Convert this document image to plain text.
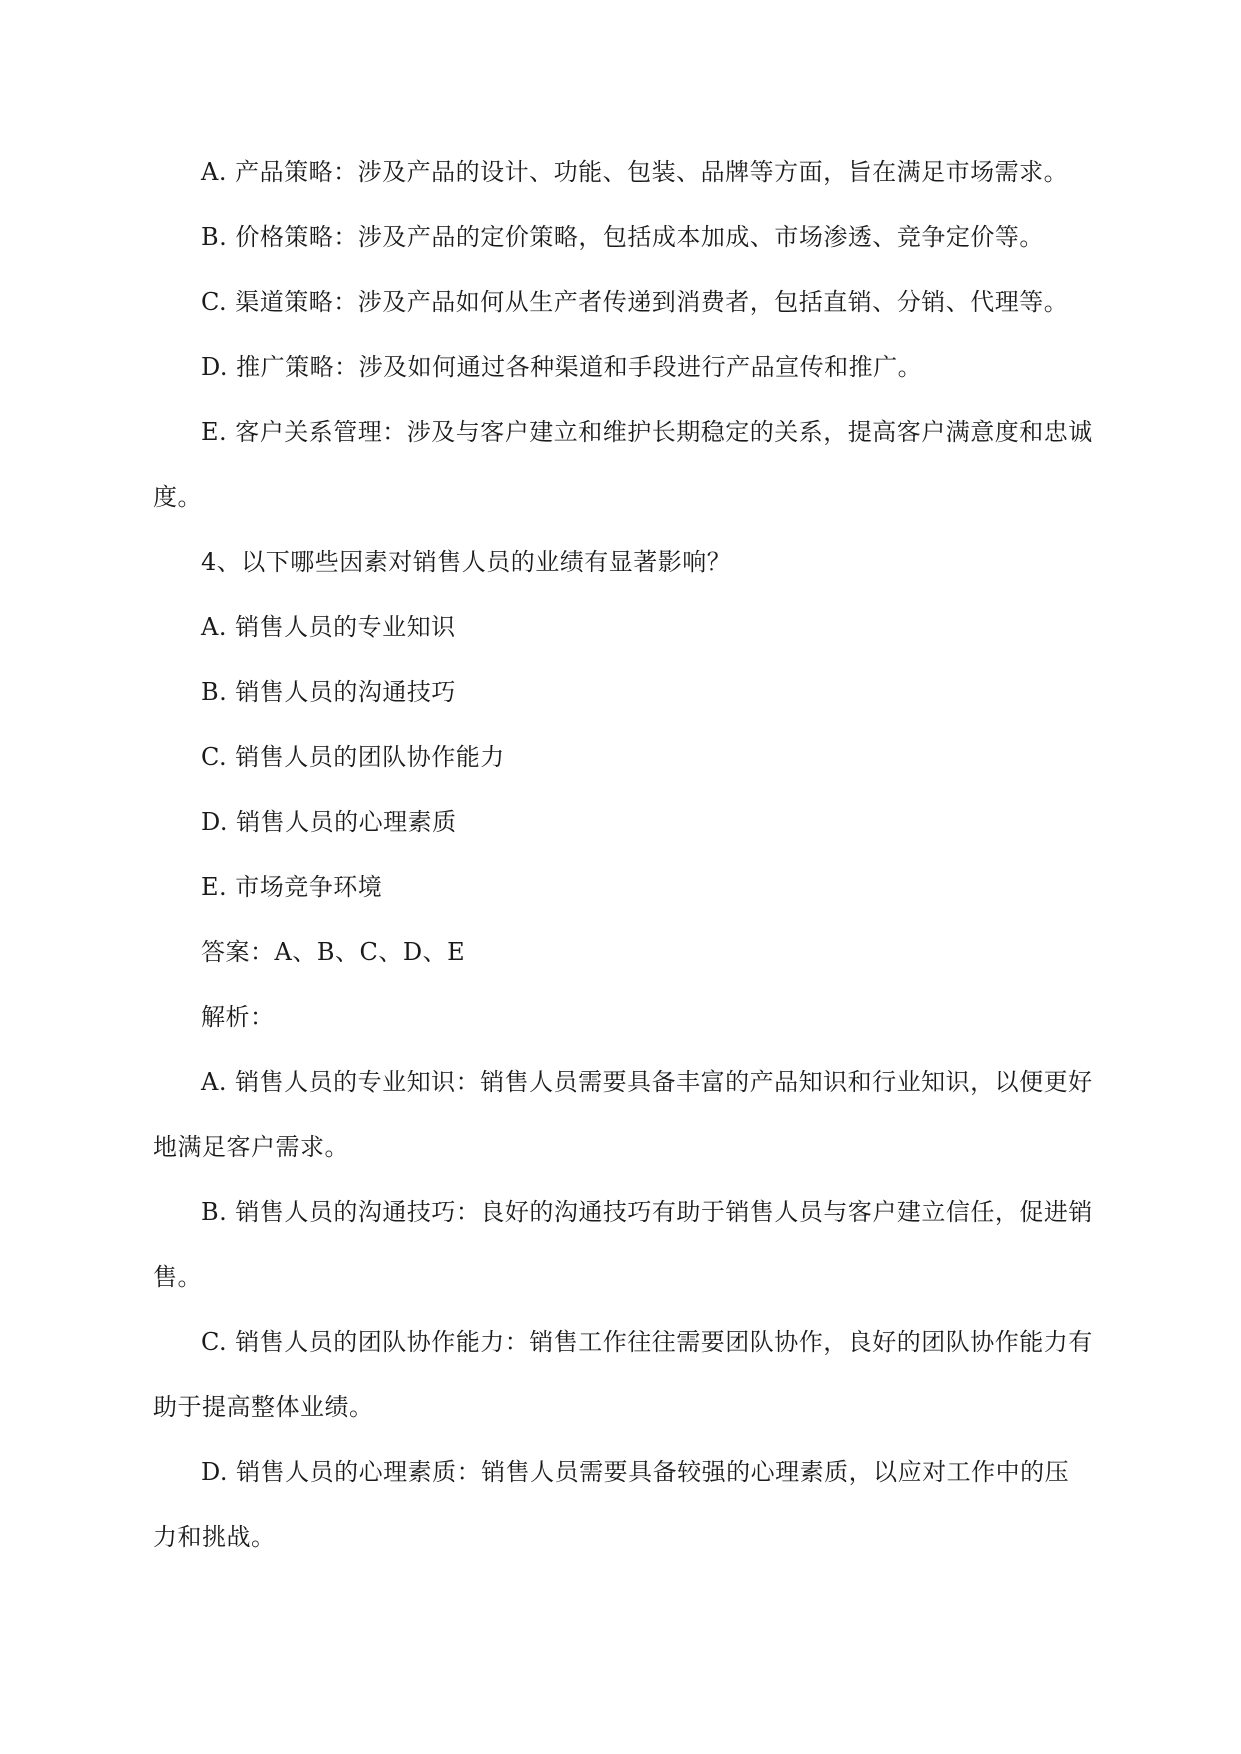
A. 产品策略：涉及产品的设计、功能、包装、品牌等方面，旨在满足市场需求。

B. 价格策略：涉及产品的定价策略，包括成本加成、市场渗透、竞争定价等。

C. 渠道策略：涉及产品如何从生产者传递到消费者，包括直销、分销、代理等。

D. 推广策略：涉及如何通过各种渠道和手段进行产品宣传和推广。

E. 客户关系管理：涉及与客户建立和维护长期稳定的关系，提高客户满意度和忠诚度。

4、以下哪些因素对销售人员的业绩有显著影响？

A. 销售人员的专业知识

B. 销售人员的沟通技巧

C. 销售人员的团队协作能力

D. 销售人员的心理素质

E. 市场竞争环境

答案：A、B、C、D、E

解析：

A. 销售人员的专业知识：销售人员需要具备丰富的产品知识和行业知识，以便更好地满足客户需求。

B. 销售人员的沟通技巧：良好的沟通技巧有助于销售人员与客户建立信任，促进销售。

C. 销售人员的团队协作能力：销售工作往往需要团队协作，良好的团队协作能力有助于提高整体业绩。

D. 销售人员的心理素质：销售人员需要具备较强的心理素质，以应对工作中的压力和挑战。
